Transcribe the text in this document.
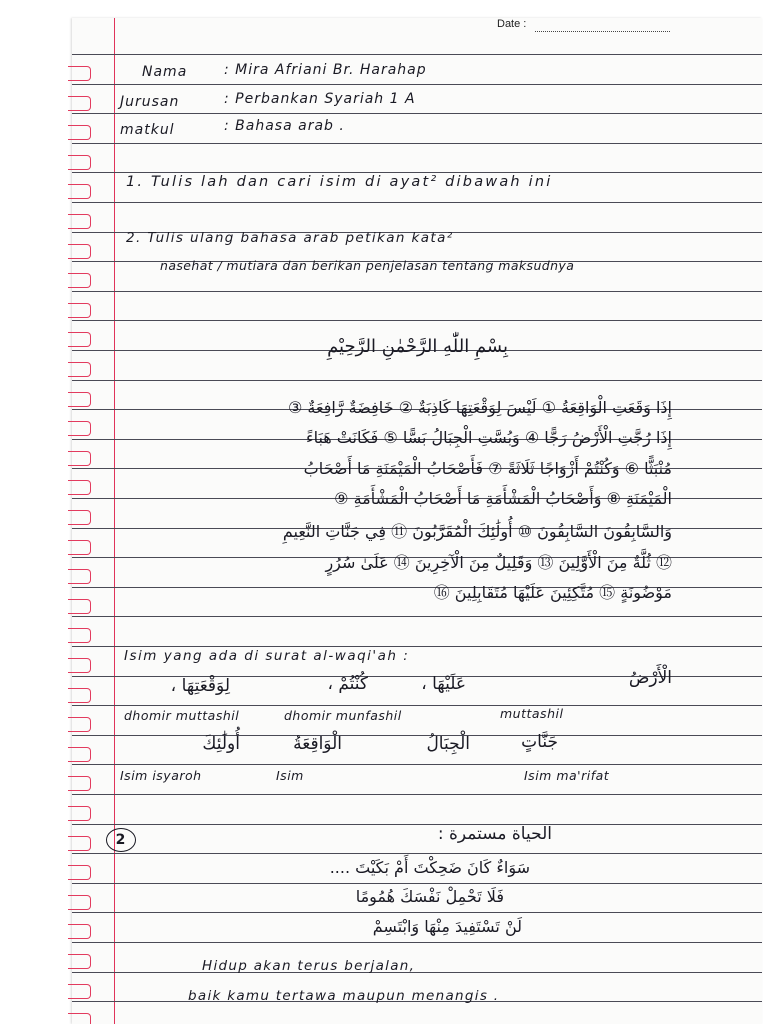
Date :
Nama	: Mira Afriani Br. Harahap
Jurusan	: Perbankan Syariah 1 A
matkul	: Bahasa arab .
1. Tulis lah dan cari isim di ayat² dibawah ini
2. Tulis ulang bahasa arab petikan kata²
nasehat / mutiara dan berikan penjelasan tentang maksudnya
بِسْمِ اللّٰهِ الرَّحْمٰنِ الرَّحِيْمِ
إِذَا وَقَعَتِ الْوَاقِعَةُ ① لَيْسَ لِوَقْعَتِهَا كَاذِبَةٌ ② خَافِضَةٌ رَّافِعَةٌ ③
إِذَا رُجَّتِ الْأَرْضُ رَجًّا ④ وَبُسَّتِ الْجِبَالُ بَسًّا ⑤ فَكَانَتْ هَبَاءً
مُنْبَثًّا ⑥ وَكُنْتُمْ أَزْوَاجًا ثَلَاثَةً ⑦ فَأَصْحَابُ الْمَيْمَنَةِ مَا أَصْحَابُ
الْمَيْمَنَةِ ⑧ وَأَصْحَابُ الْمَشْأَمَةِ مَا أَصْحَابُ الْمَشْأَمَةِ ⑨
وَالسَّابِقُونَ السَّابِقُونَ ⑩ أُولَٰئِكَ الْمُقَرَّبُونَ ⑪ فِي جَنَّاتِ النَّعِيمِ
⑫ ثُلَّةٌ مِنَ الْأَوَّلِينَ ⑬ وَقَلِيلٌ مِنَ الْآخِرِينَ ⑭ عَلَىٰ سُرُرٍ
مَوْضُونَةٍ ⑮ مُتَّكِئِينَ عَلَيْهَا مُتَقَابِلِينَ ⑯
Isim yang ada di surat al-waqi'ah :
لِوَقْعَتِهَا ،	كُنْتُمْ ،	عَلَيْهَا ،	الْأَرْضُ
dhomir muttashil	dhomir munfashil	muttashil
أُولَٰئِكَ	الْوَاقِعَةُ	الْجِبَالُ	جَنَّاتٍ
Isim isyaroh	Isim	Isim ma'rifat
2	الحياة مستمرة :
سَوَاءٌ كَانَ ضَحِكْتَ أَمْ بَكَيْتَ ....
فَلَا تَحْمِلْ نَفْسَكَ هُمُومًا
لَنْ تَسْتَفِيدَ مِنْهَا وَابْتَسِمْ
Hidup akan terus berjalan,
baik kamu tertawa maupun menangis .
